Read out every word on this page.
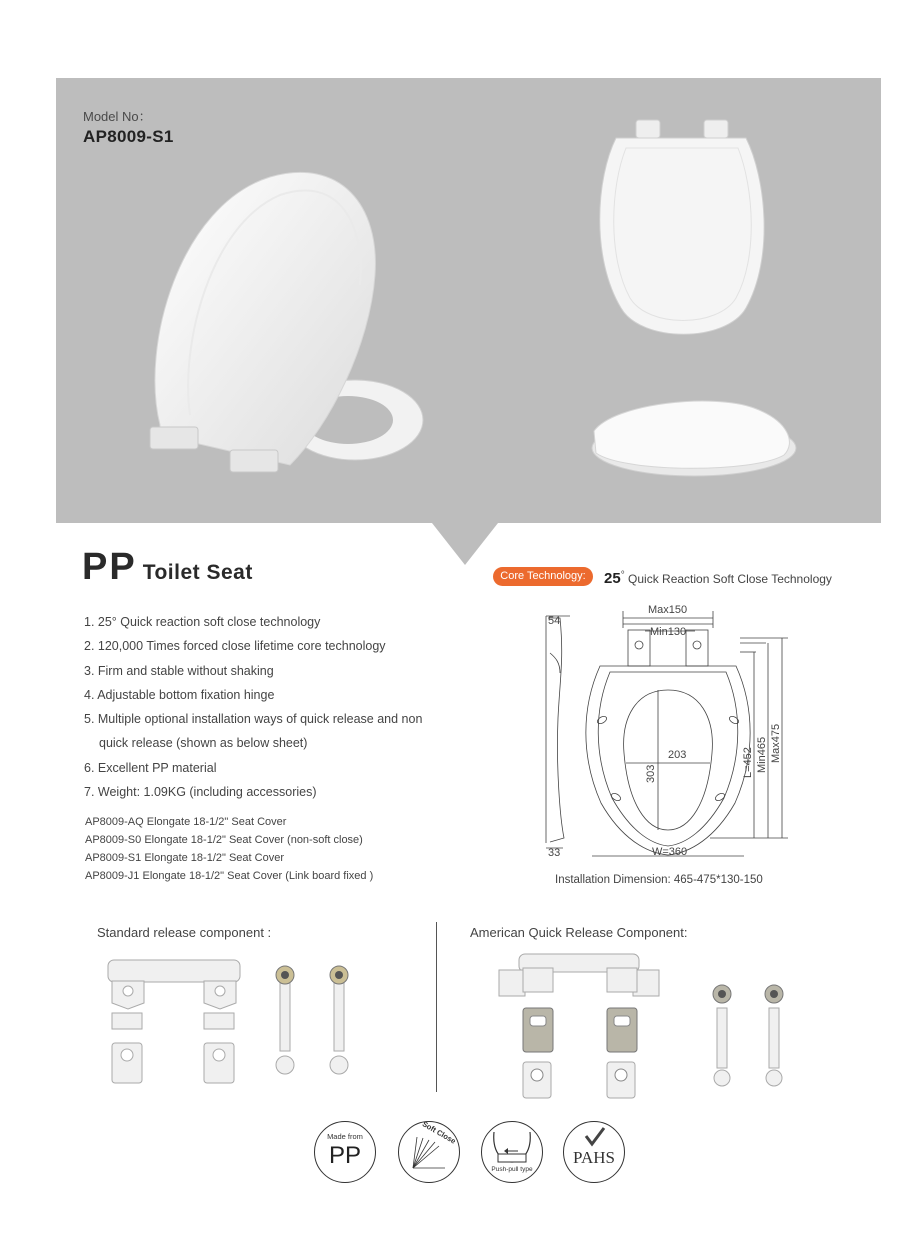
Model No：
AP8009-S1
PP Toilet Seat
1. 25° Quick reaction soft close technology
2. 120,000 Times forced close lifetime core technology
3. Firm and stable without shaking
4. Adjustable bottom fixation hinge
5. Multiple optional installation ways of quick release and non
quick release (shown as below sheet)
6. Excellent PP material
7. Weight: 1.09KG (including accessories)
AP8009-AQ Elongate 18-1/2" Seat Cover
AP8009-S0 Elongate 18-1/2" Seat Cover (non-soft close)
AP8009-S1 Elongate 18-1/2" Seat Cover
AP8009-J1 Elongate 18-1/2" Seat Cover (Link board fixed )
Core Technology:	25° Quick Reaction Soft Close Technology
54
33
Max150
Min130
203
303
W=360
L=452 Min465 Max475
Installation Dimension: 465-475*130-150
Standard release component :	American Quick Release Component:
Made from
PP
Soft Close
Push-pull type
PAHS
